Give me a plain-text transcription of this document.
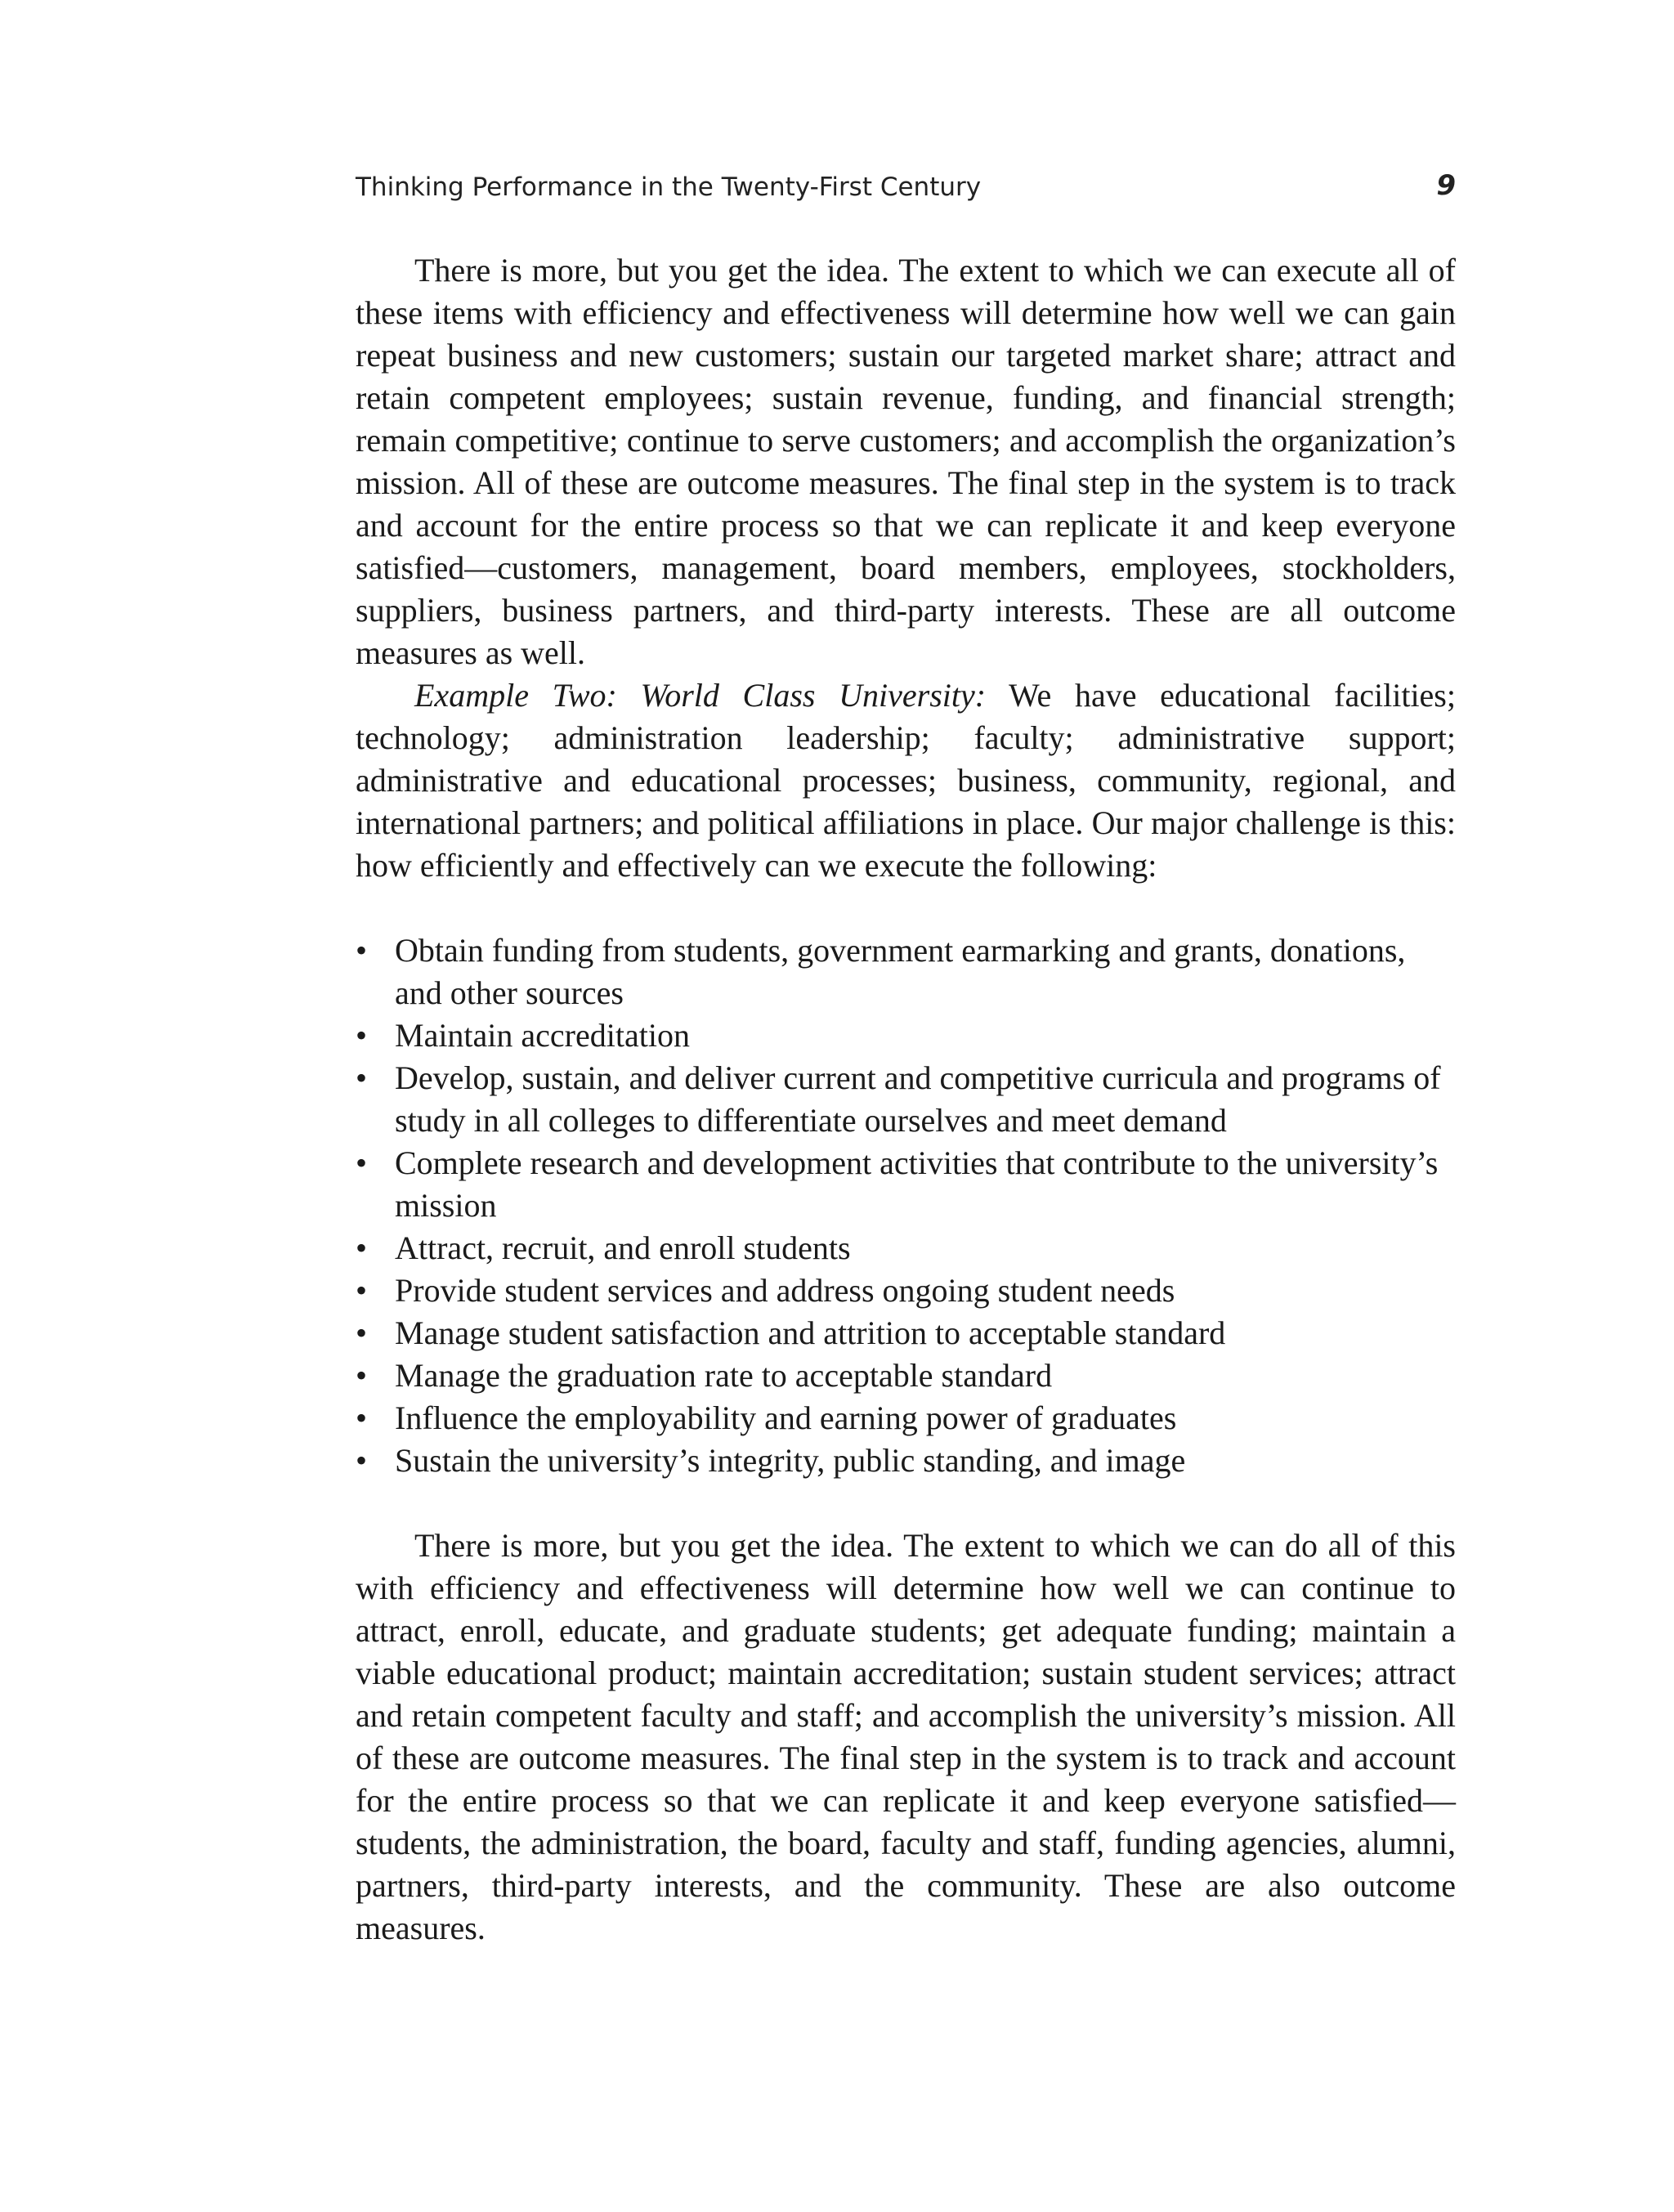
Thinking Performance in the Twenty-First Century	9

There is more, but you get the idea. The extent to which we can execute all of these items with efficiency and effectiveness will determine how well we can gain repeat business and new customers; sustain our targeted market share; attract and retain competent employees; sustain revenue, funding, and financial strength; remain competitive; continue to serve customers; and accomplish the organization’s mission. All of these are outcome measures. The final step in the system is to track and account for the entire process so that we can replicate it and keep everyone satisfied—customers, management, board members, employees, stockholders, suppliers, business partners, and third-party interests. These are all outcome measures as well.

Example Two: World Class University: We have educational facilities; technology; administration leadership; faculty; administrative support; administrative and educational processes; business, community, regional, and international partners; and political affiliations in place. Our major challenge is this: how efficiently and effectively can we execute the following:

• Obtain funding from students, government earmarking and grants, donations, and other sources
• Maintain accreditation
• Develop, sustain, and deliver current and competitive curricula and programs of study in all colleges to differentiate ourselves and meet demand
• Complete research and development activities that contribute to the university’s mission
• Attract, recruit, and enroll students
• Provide student services and address ongoing student needs
• Manage student satisfaction and attrition to acceptable standard
• Manage the graduation rate to acceptable standard
• Influence the employability and earning power of graduates
• Sustain the university’s integrity, public standing, and image

There is more, but you get the idea. The extent to which we can do all of this with efficiency and effectiveness will determine how well we can continue to attract, enroll, educate, and graduate students; get adequate funding; maintain a viable educational product; maintain accreditation; sustain student services; attract and retain competent faculty and staff; and accomplish the university’s mission. All of these are outcome measures. The final step in the system is to track and account for the entire process so that we can replicate it and keep everyone satisfied—students, the administration, the board, faculty and staff, funding agencies, alumni, partners, third-party interests, and the community. These are also outcome measures.
